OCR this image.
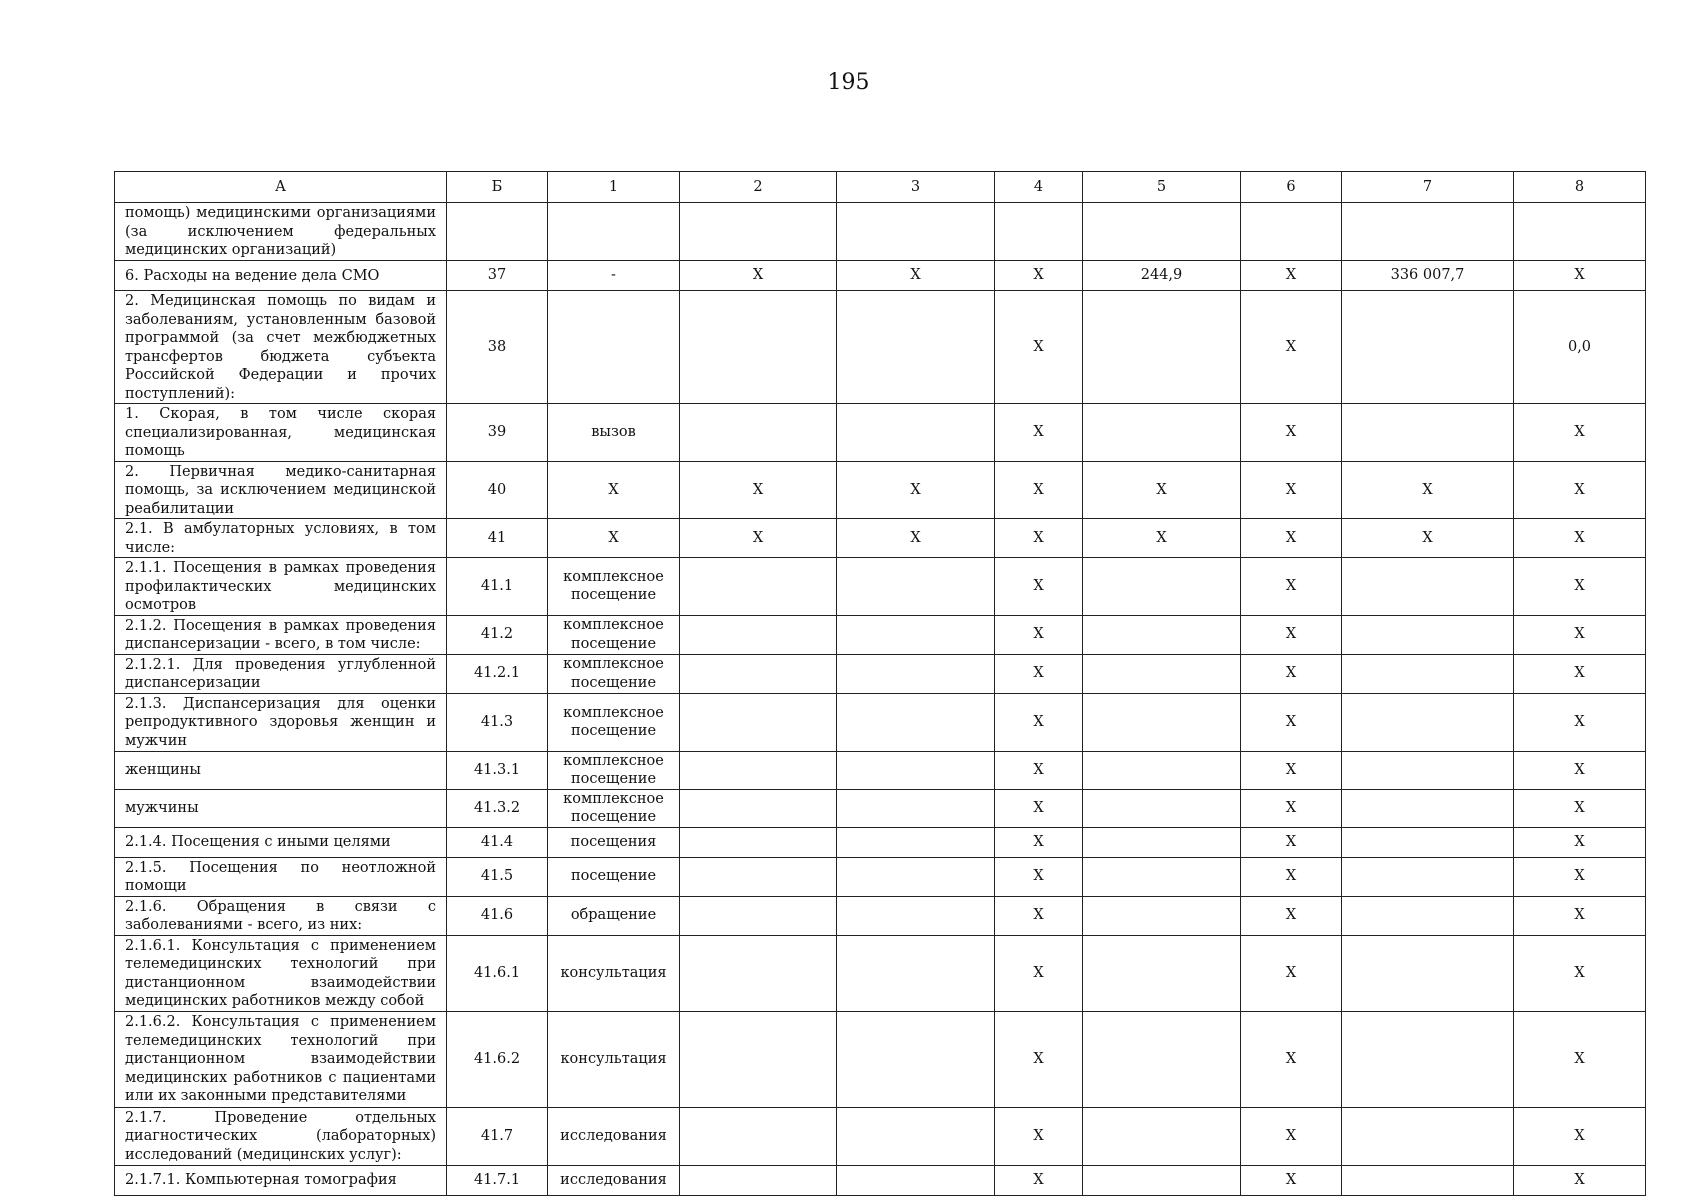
195
А	Б	1	2	3	4	5	6	7	8
помощь) медицинскими организациями (за исключением федеральных медицинских организаций)									
6. Расходы на ведение дела СМО	37	-	X	X	X	244,9	X	336 007,7	X
2. Медицинская помощь по видам и заболеваниям, установленным базовой программой (за счет межбюджетных трансфертов бюджета субъекта Российской Федерации и прочих поступлений):	38				X		X		0,0
1. Скорая, в том числе скорая специализированная, медицинская помощь	39	вызов			X		X		X
2. Первичная медико-санитарная помощь, за исключением медицинской реабилитации	40	X	X	X	X	X	X	X	X
2.1. В амбулаторных условиях, в том числе:	41	X	X	X	X	X	X	X	X
2.1.1. Посещения в рамках проведения профилактических медицинских осмотров	41.1	комплексное посещение			X		X		X
2.1.2. Посещения в рамках проведения диспансеризации - всего, в том числе:	41.2	комплексное посещение			X		X		X
2.1.2.1. Для проведения углубленной диспансеризации	41.2.1	комплексное посещение			X		X		X
2.1.3. Диспансеризация для оценки репродуктивного здоровья женщин и мужчин	41.3	комплексное посещение			X		X		X
женщины	41.3.1	комплексное посещение			X		X		X
мужчины	41.3.2	комплексное посещение			X		X		X
2.1.4. Посещения с иными целями	41.4	посещения			X		X		X
2.1.5. Посещения по неотложной помощи	41.5	посещение			X		X		X
2.1.6. Обращения в связи с заболеваниями - всего, из них:	41.6	обращение			X		X		X
2.1.6.1. Консультация с применением телемедицинских технологий при дистанционном взаимодействии медицинских работников между собой	41.6.1	консультация			X		X		X
2.1.6.2. Консультация с применением телемедицинских технологий при дистанционном взаимодействии медицинских работников с пациентами или их законными представителями	41.6.2	консультация			X		X		X
2.1.7. Проведение отдельных диагностических (лабораторных) исследований (медицинских услуг):	41.7	исследования			X		X		X
2.1.7.1. Компьютерная томография	41.7.1	исследования			X		X		X
